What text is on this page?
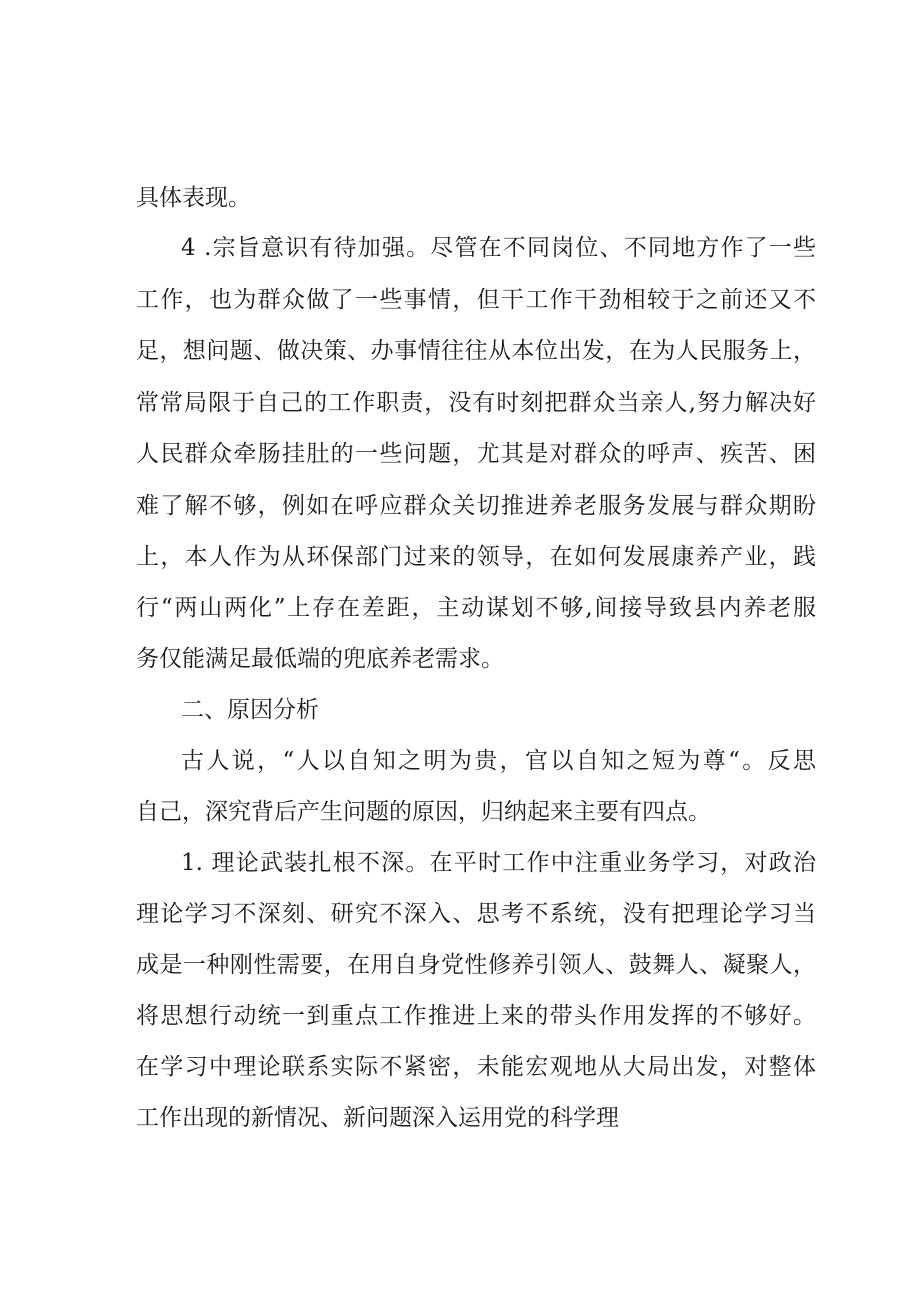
具体表现。
4 .宗旨意识有待加强。尽管在不同岗位、不同地方作了一些
工作，也为群众做了一些事情，但干工作干劲相较于之前还又不
足，想问题、做决策、办事情往往从本位出发，在为人民服务上，
常常局限于自己的工作职责，没有时刻把群众当亲人,努力解决好
人民群众牵肠挂肚的一些问题，尤其是对群众的呼声、疾苦、困
难了解不够，例如在呼应群众关切推进养老服务发展与群众期盼
上，本人作为从环保部门过来的领导，在如何发展康养产业，践
行“两山两化”上存在差距，主动谋划不够,间接导致县内养老服
务仅能满足最低端的兜底养老需求。
二、原因分析
古人说，“人以自知之明为贵，官以自知之短为尊“。反思
自己，深究背后产生问题的原因，归纳起来主要有四点。
1. 理论武装扎根不深。在平时工作中注重业务学习，对政治
理论学习不深刻、研究不深入、思考不系统，没有把理论学习当
成是一种刚性需要，在用自身党性修养引领人、鼓舞人、凝聚人，
将思想行动统一到重点工作推进上来的带头作用发挥的不够好。
在学习中理论联系实际不紧密，未能宏观地从大局出发，对整体
工作出现的新情况、新问题深入运用党的科学理
